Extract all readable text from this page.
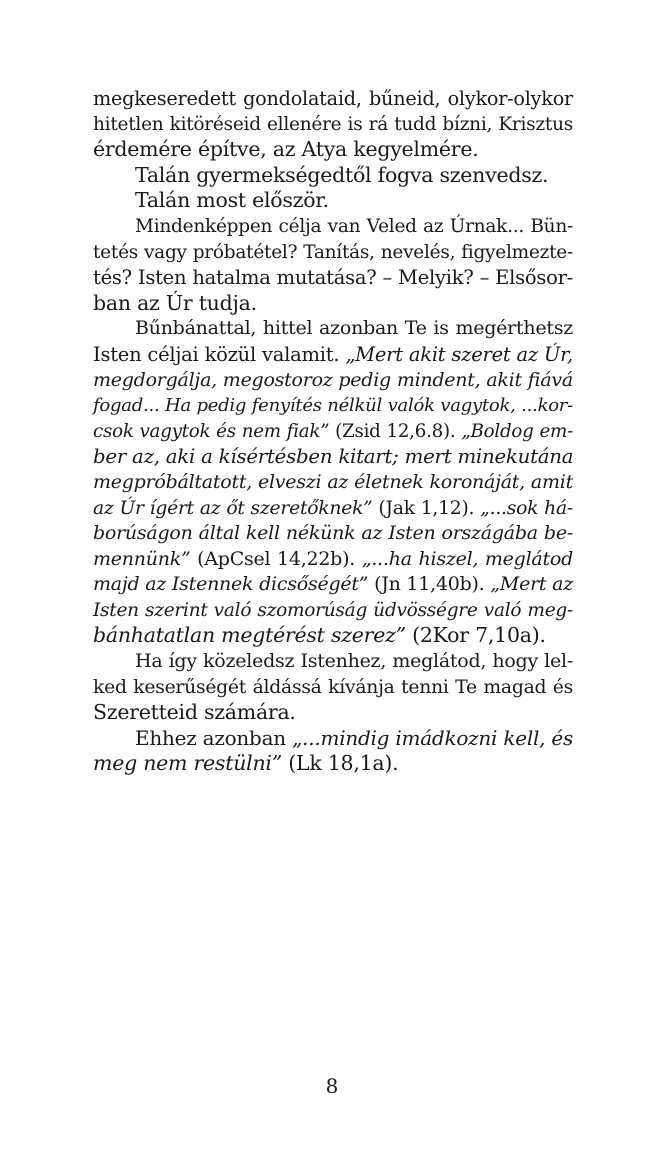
megkeseredett gondolataid, bűneid, olykor-olykor
hitetlen kitöréseid ellenére is rá tudd bízni, Krisztus
érdemére építve, az Atya kegyelmére.
Talán gyermekségedtől fogva szenvedsz.
Talán most először.
Mindenképpen célja van Veled az Úrnak... Bün-
tetés vagy próbatétel? Tanítás, nevelés, figyelmezte-
tés? Isten hatalma mutatása? – Melyik? – Elsősor-
ban az Úr tudja.
Bűnbánattal, hittel azonban Te is megérthetsz
Isten céljai közül valamit. „Mert akit szeret az Úr,
megdorgálja, megostoroz pedig mindent, akit fiává
fogad... Ha pedig fenyítés nélkül valók vagytok, ...kor-
csok vagytok és nem fiak” (Zsid 12,6.8). „Boldog em-
ber az, aki a kísértésben kitart; mert minekutána
megpróbáltatott, elveszi az életnek koronáját, amit
az Úr ígért az őt szeretőknek” (Jak 1,12). „...sok há-
borúságon által kell nékünk az Isten országába be-
mennünk” (ApCsel 14,22b). „...ha hiszel, meglátod
majd az Istennek dicsőségét” (Jn 11,40b). „Mert az
Isten szerint való szomorúság üdvösségre való meg-
bánhatatlan megtérést szerez” (2Kor 7,10a).
Ha így közeledsz Istenhez, meglátod, hogy lel-
ked keserűségét áldássá kívánja tenni Te magad és
Szeretteid számára.
Ehhez azonban „...mindig imádkozni kell, és
meg nem restülni” (Lk 18,1a).
8
